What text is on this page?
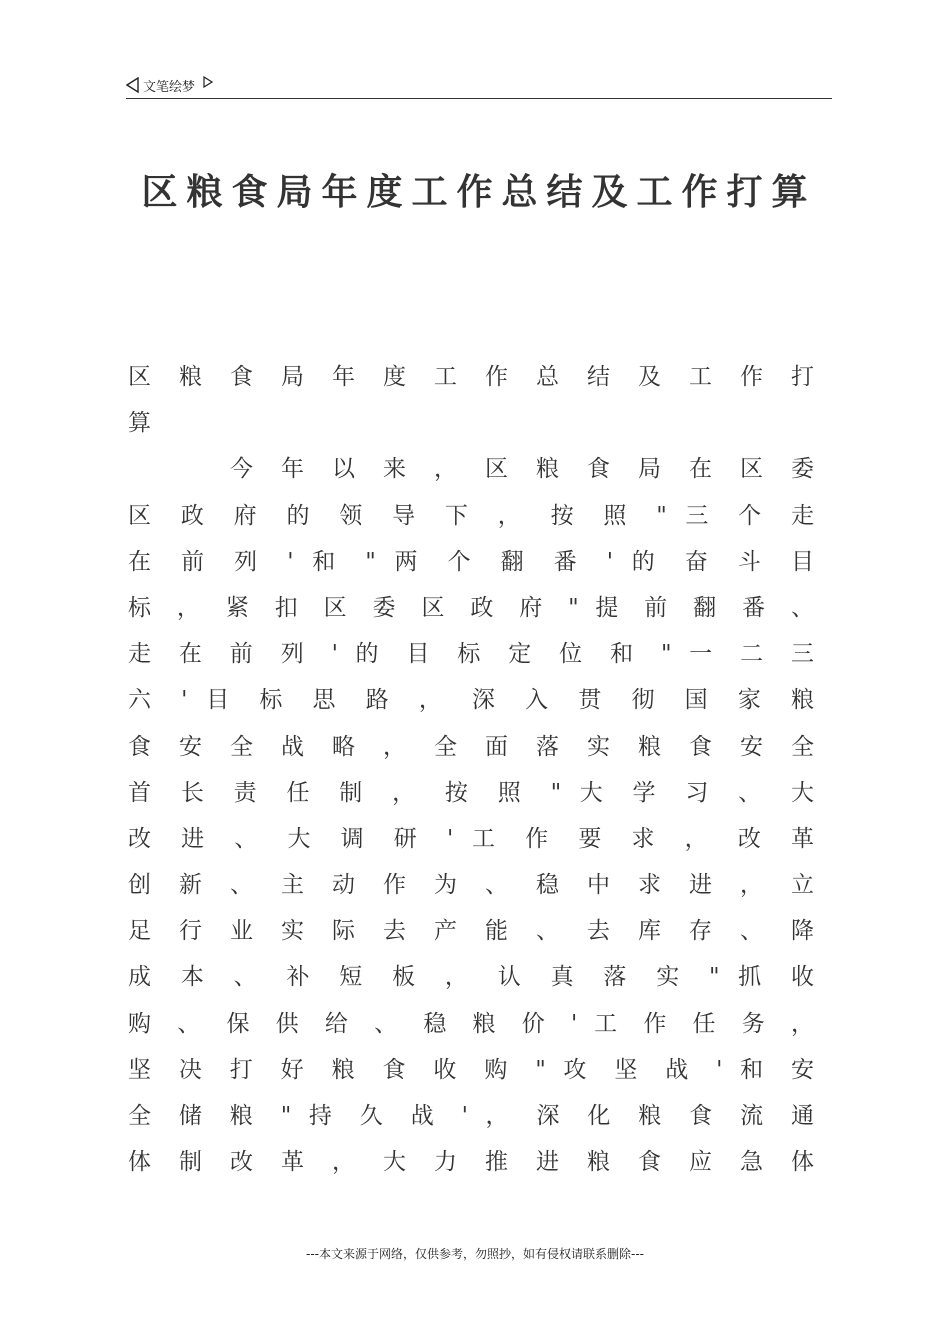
文笔绘梦
区粮食局年度工作总结及工作打算
区 粮 食 局 年 度 工 作 总 结 及 工 作 打
算
　 　 今 年 以 来 ， 区 粮 食 局 在 区 委
区 政 府 的 领 导 下 ， 按 照 " 三 个 走
在 前 列 ' 和 " 两 个 翻 番 ' 的 奋 斗 目
标 ， 紧 扣 区 委 区 政 府 " 提 前 翻 番 、
走 在 前 列 ' 的 目 标 定 位 和 " 一 二 三
六 ' 目 标 思 路 ， 深 入 贯 彻 国 家 粮
食 安 全 战 略 ， 全 面 落 实 粮 食 安 全
首 长 责 任 制 ， 按 照 " 大 学 习 、 大
改 进 、 大 调 研 ' 工 作 要 求 ， 改 革
创 新 、 主 动 作 为 、 稳 中 求 进 ， 立
足 行 业 实 际 去 产 能 、 去 库 存 、 降
成 本 、 补 短 板 ， 认 真 落 实 " 抓 收
购 、 保 供 给 、 稳 粮 价 ' 工 作 任 务 ，
坚 决 打 好 粮 食 收 购 " 攻 坚 战 ' 和 安
全 储 粮 " 持 久 战 ' ， 深 化 粮 食 流 通
体 制 改 革 ， 大 力 推 进 粮 食 应 急 体
---本文来源于网络，仅供参考，勿照抄，如有侵权请联系删除---
